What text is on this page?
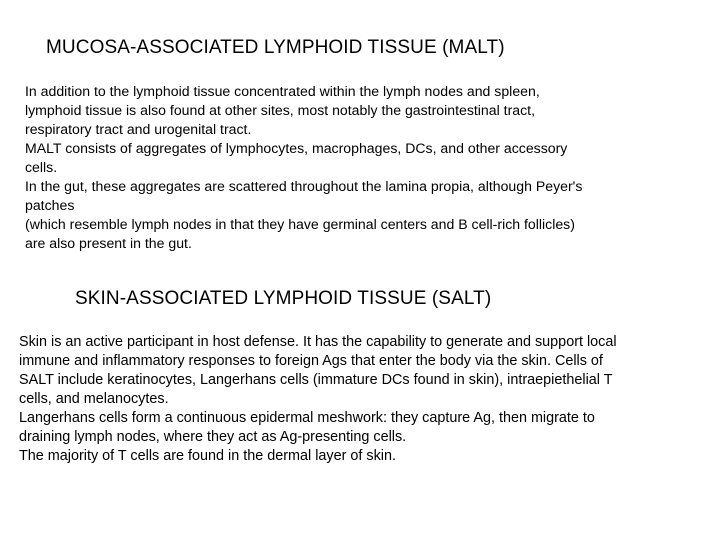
MUCOSA-ASSOCIATED LYMPHOID TISSUE (MALT)

In addition to the lymphoid tissue concentrated within the lymph nodes and spleen,
lymphoid tissue is also found at other sites, most notably the gastrointestinal tract,
respiratory tract and urogenital tract.
MALT consists of aggregates of lymphocytes, macrophages, DCs, and other accessory
cells.
In the gut, these aggregates are scattered throughout the lamina propia, although Peyer's
patches
(which resemble lymph nodes in that they have germinal centers and B cell-rich follicles)
are also present in the gut.

SKIN-ASSOCIATED LYMPHOID TISSUE (SALT)

Skin is an active participant in host defense. It has the capability to generate and support local
immune and inflammatory responses to foreign Ags that enter the body via the skin. Cells of
SALT include keratinocytes, Langerhans cells (immature DCs found in skin), intraepiethelial T
cells, and melanocytes.
Langerhans cells form a continuous epidermal meshwork: they capture Ag, then migrate to
draining lymph nodes, where they act as Ag-presenting cells.
The majority of T cells are found in the dermal layer of skin.
